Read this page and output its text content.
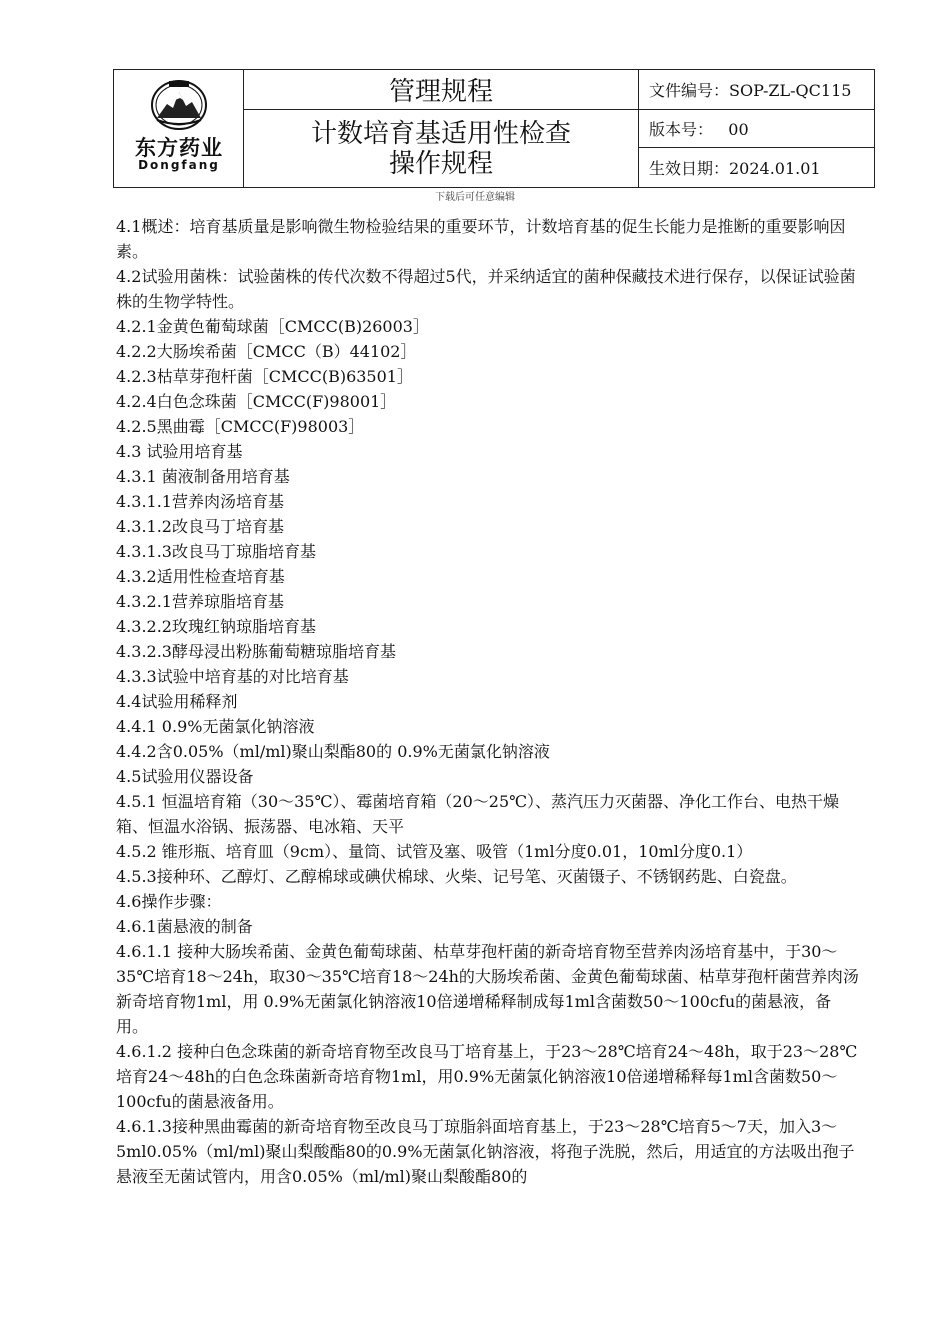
东方药业
Dongfang
管理规程
计数培育基适用性检查
操作规程
文件编号：SOP-ZL-QC115
版本号：   00
生效日期：2024.01.01
下载后可任意编辑

4.1概述：培育基质量是影响微生物检验结果的重要环节，计数培育基的促生长能力是推断的重要影响因素。

4.2试验用菌株：试验菌株的传代次数不得超过5代，并采纳适宜的菌种保藏技术进行保存，以保证试验菌株的生物学特性。

4.2.1金黄色葡萄球菌［CMCC(B)26003］

4.2.2大肠埃希菌［CMCC（B）44102］

4.2.3枯草芽孢杆菌［CMCC(B)63501］

4.2.4白色念珠菌［CMCC(F)98001］

4.2.5黑曲霉［CMCC(F)98003］

4.3 试验用培育基

4.3.1 菌液制备用培育基

4.3.1.1营养肉汤培育基

4.3.1.2改良马丁培育基

4.3.1.3改良马丁琼脂培育基

4.3.2适用性检查培育基

4.3.2.1营养琼脂培育基

4.3.2.2玫瑰红钠琼脂培育基

4.3.2.3酵母浸出粉胨葡萄糖琼脂培育基

4.3.3试验中培育基的对比培育基

4.4试验用稀释剂

4.4.1 0.9%无菌氯化钠溶液

4.4.2含0.05%（ml/ml)聚山梨酯80的 0.9%无菌氯化钠溶液

4.5试验用仪器设备

4.5.1 恒温培育箱（30～35℃）、霉菌培育箱（20～25℃）、蒸汽压力灭菌器、净化工作台、电热干燥箱、恒温水浴锅、振荡器、电冰箱、天平

4.5.2 锥形瓶、培育皿（9cm）、量筒、试管及塞、吸管（1ml分度0.01，10ml分度0.1）

4.5.3接种环、乙醇灯、乙醇棉球或碘伏棉球、火柴、记号笔、灭菌镊子、不锈钢药匙、白瓷盘。

4.6操作步骤：

4.6.1菌悬液的制备

4.6.1.1 接种大肠埃希菌、金黄色葡萄球菌、枯草芽孢杆菌的新奇培育物至营养肉汤培育基中，于30～35℃培育18～24h，取30～35℃培育18～24h的大肠埃希菌、金黄色葡萄球菌、枯草芽孢杆菌营养肉汤新奇培育物1ml，用 0.9%无菌氯化钠溶液10倍递增稀释制成每1ml含菌数50～100cfu的菌悬液，备用。

4.6.1.2 接种白色念珠菌的新奇培育物至改良马丁培育基上，于23～28℃培育24～48h，取于23～28℃培育24～48h的白色念珠菌新奇培育物1ml，用0.9%无菌氯化钠溶液10倍递增稀释每1ml含菌数50～100cfu的菌悬液备用。

4.6.1.3接种黑曲霉菌的新奇培育物至改良马丁琼脂斜面培育基上，于23～28℃培育5～7天，加入3～5ml0.05%（ml/ml)聚山梨酸酯80的0.9%无菌氯化钠溶液，将孢子洗脱，然后，用适宜的方法吸出孢子悬液至无菌试管内，用含0.05%（ml/ml)聚山梨酸酯80的
